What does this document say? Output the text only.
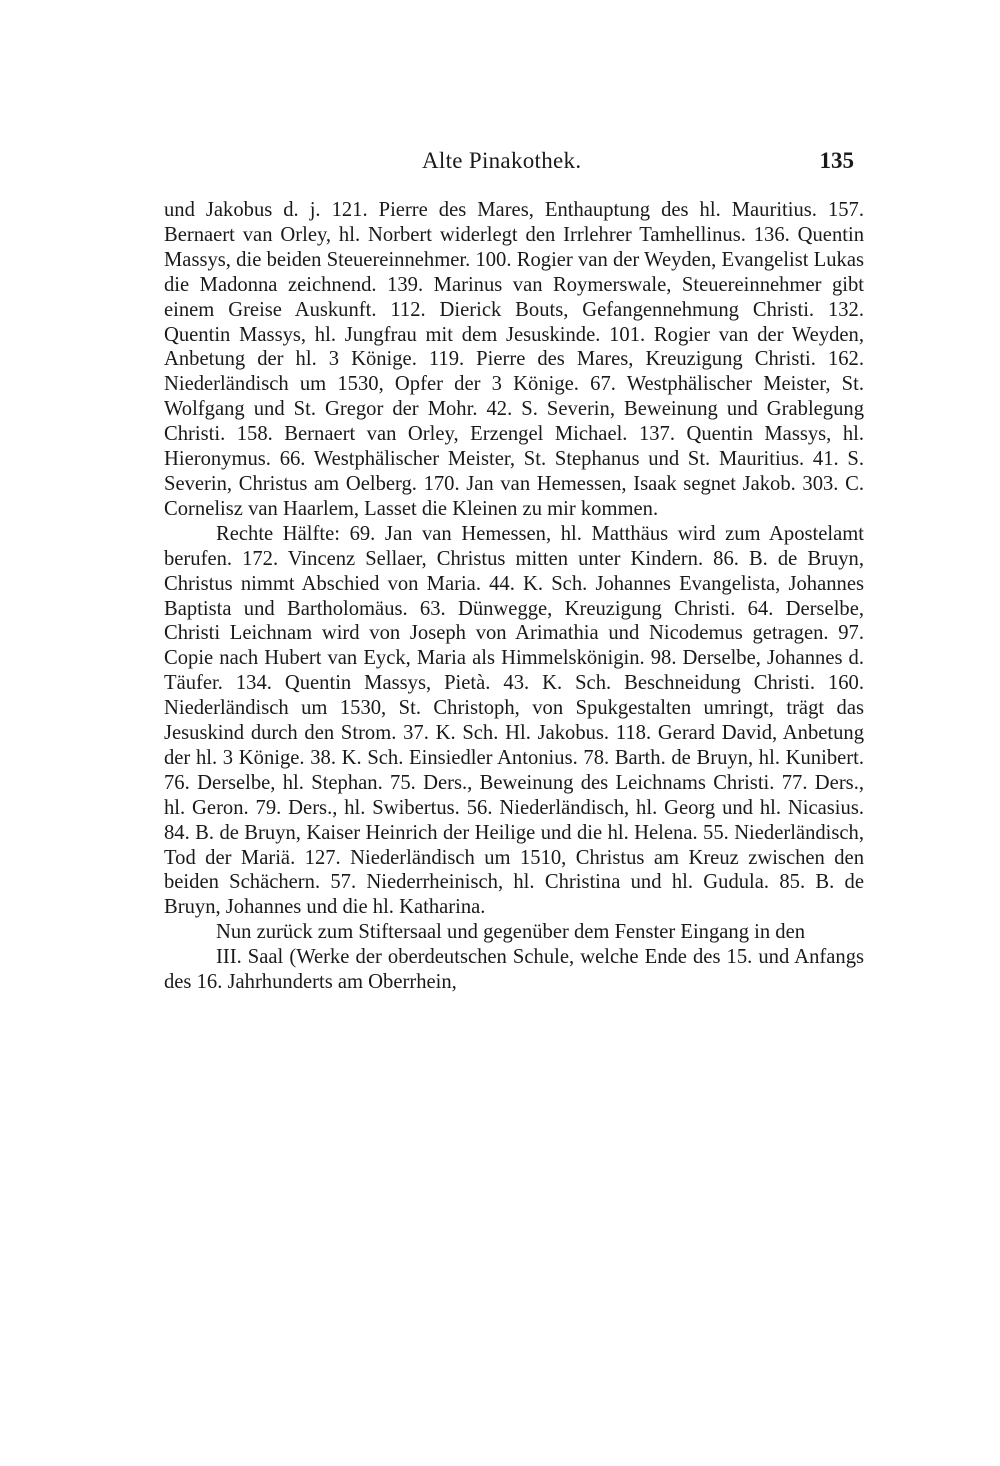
Alte Pinakothek.	135

und Jakobus d. j. 121. Pierre des Mares, Enthauptung des hl. Mauritius. 157. Bernaert van Orley, hl. Norbert widerlegt den Irrlehrer Tamhellinus. 136. Quentin Massys, die beiden Steuereinnehmer. 100. Rogier van der Weyden, Evangelist Lukas die Madonna zeichnend. 139. Marinus van Roymerswale, Steuereinnehmer gibt einem Greise Auskunft. 112. Dierick Bouts, Gefangennehmung Christi. 132. Quentin Massys, hl. Jungfrau mit dem Jesuskinde. 101. Rogier van der Weyden, Anbetung der hl. 3 Könige. 119. Pierre des Mares, Kreuzigung Christi. 162. Niederländisch um 1530, Opfer der 3 Könige. 67. Westphälischer Meister, St. Wolfgang und St. Gregor der Mohr. 42. S. Severin, Beweinung und Grablegung Christi. 158. Bernaert van Orley, Erzengel Michael. 137. Quentin Massys, hl. Hieronymus. 66. Westphälischer Meister, St. Stephanus und St. Mauritius. 41. S. Severin, Christus am Oelberg. 170. Jan van Hemessen, Isaak segnet Jakob. 303. C. Cornelisz van Haarlem, Lasset die Kleinen zu mir kommen.

Rechte Hälfte: 69. Jan van Hemessen, hl. Matthäus wird zum Apostelamt berufen. 172. Vincenz Sellaer, Christus mitten unter Kindern. 86. B. de Bruyn, Christus nimmt Abschied von Maria. 44. K. Sch. Johannes Evangelista, Johannes Baptista und Bartholomäus. 63. Dünwegge, Kreuzigung Christi. 64. Derselbe, Christi Leichnam wird von Joseph von Arimathia und Nicodemus getragen. 97. Copie nach Hubert van Eyck, Maria als Himmelskönigin. 98. Derselbe, Johannes d. Täufer. 134. Quentin Massys, Pietà. 43. K. Sch. Beschneidung Christi. 160. Niederländisch um 1530, St. Christoph, von Spukgestalten umringt, trägt das Jesuskind durch den Strom. 37. K. Sch. Hl. Jakobus. 118. Gerard David, Anbetung der hl. 3 Könige. 38. K. Sch. Einsiedler Antonius. 78. Barth. de Bruyn, hl. Kunibert. 76. Derselbe, hl. Stephan. 75. Ders., Beweinung des Leichnams Christi. 77. Ders., hl. Geron. 79. Ders., hl. Swibertus. 56. Niederländisch, hl. Georg und hl. Nicasius. 84. B. de Bruyn, Kaiser Heinrich der Heilige und die hl. Helena. 55. Niederländisch, Tod der Mariä. 127. Niederländisch um 1510, Christus am Kreuz zwischen den beiden Schächern. 57. Niederrheinisch, hl. Christina und hl. Gudula. 85. B. de Bruyn, Johannes und die hl. Katharina.

Nun zurück zum Stiftersaal und gegenüber dem Fenster Eingang in den

III. Saal (Werke der oberdeutschen Schule, welche Ende des 15. und Anfangs des 16. Jahrhunderts am Oberrhein,
